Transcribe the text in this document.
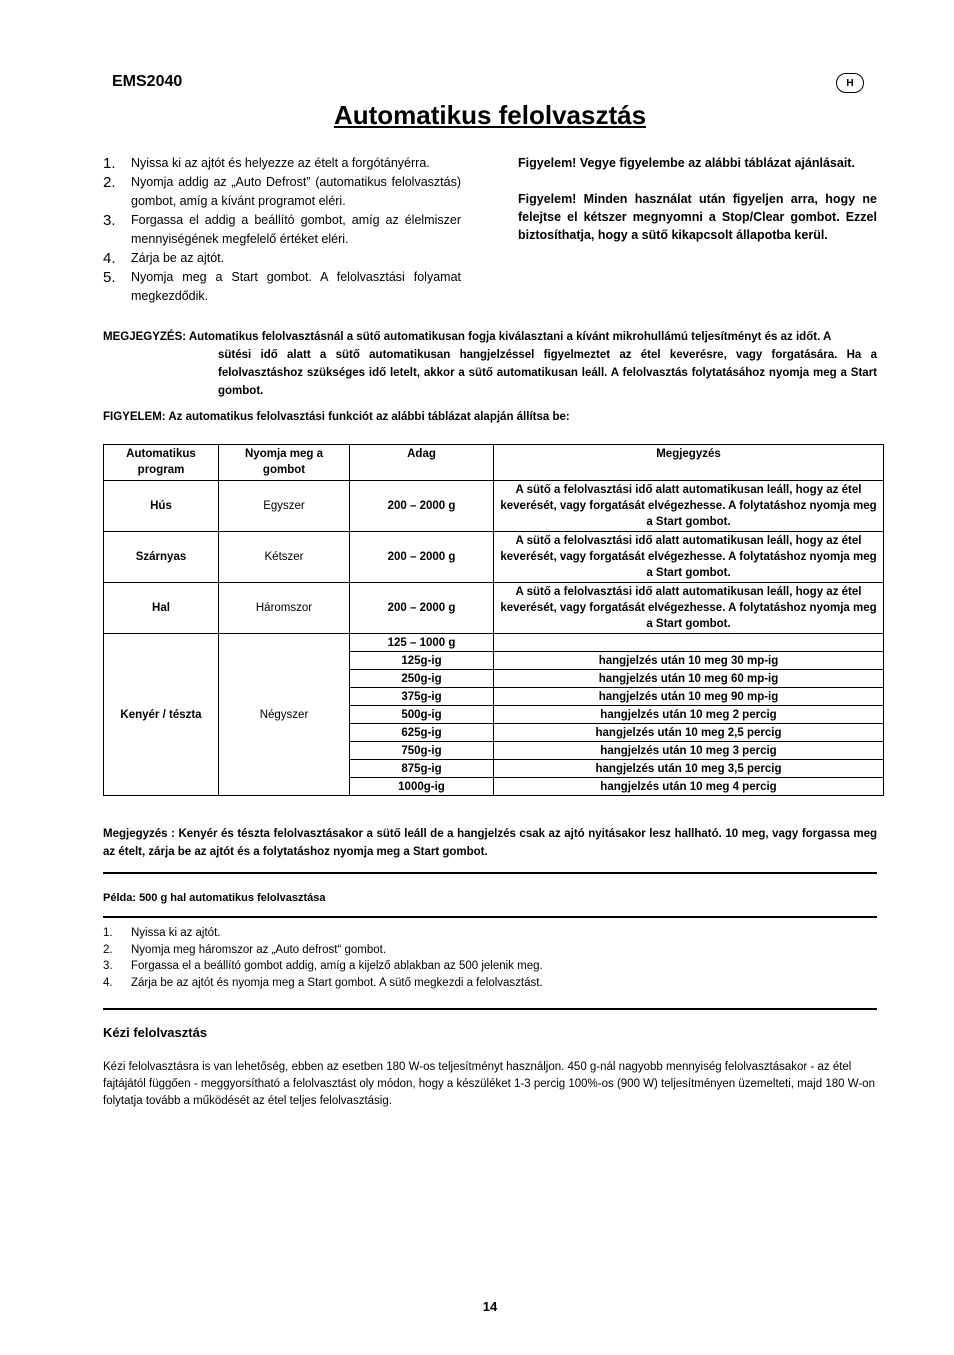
EMS2040	H
Automatikus felolvasztás
1.	Nyissa ki az ajtót és helyezze az ételt a forgótányérra.
2.	Nyomja addig az „Auto Defrost” (automatikus felolvasztás) gombot, amíg a kívánt programot eléri.
3.	Forgassa el addig a beállító gombot, amíg az élelmiszer mennyiségének megfelelő értéket eléri.
4.	Zárja be az ajtót.
5.	Nyomja meg a Start gombot. A felolvasztási folyamat megkezdődik.

Figyelem! Vegye figyelembe az alábbi táblázat ajánlásait.

Figyelem! Minden használat után figyeljen arra, hogy ne felejtse el kétszer megnyomni a Stop/Clear gombot. Ezzel biztosíthatja, hogy a sütő kikapcsolt állapotba kerül.

MEGJEGYZÉS: Automatikus felolvasztásnál a sütő automatikusan fogja kiválasztani a kívánt mikrohullámú teljesítményt és az időt. A
sütési idő alatt a sütő automatikusan hangjelzéssel figyelmeztet az étel keverésre, vagy forgatására. Ha a felolvasztáshoz szükséges idő letelt, akkor a sütő automatikusan leáll. A felolvasztás folytatásához nyomja meg a Start gombot.
FIGYELEM: Az automatikus felolvasztási funkciót az alábbi táblázat alapján állítsa be:
Automatikus program	Nyomja meg a gombot	Adag	Megjegyzés
Hús	Egyszer	200 – 2000 g	A sütő a felolvasztási idő alatt automatikusan leáll, hogy az étel keverését, vagy forgatását elvégezhesse. A folytatáshoz nyomja meg a Start gombot.
Szárnyas	Kétszer	200 – 2000 g	A sütő a felolvasztási idő alatt automatikusan leáll, hogy az étel keverését, vagy forgatását elvégezhesse. A folytatáshoz nyomja meg a Start gombot.
Hal	Háromszor	200 – 2000 g	A sütő a felolvasztási idő alatt automatikusan leáll, hogy az étel keverését, vagy forgatását elvégezhesse. A folytatáshoz nyomja meg a Start gombot.
Kenyér / tészta	Négyszer	125 – 1000 g	
		125g-ig	hangjelzés után 10 meg 30 mp-ig
		250g-ig	hangjelzés után 10 meg 60 mp-ig
		375g-ig	hangjelzés után 10 meg 90 mp-ig
		500g-ig	hangjelzés után 10 meg 2 percig
		625g-ig	hangjelzés után 10 meg 2,5 percig
		750g-ig	hangjelzés után 10 meg 3 percig
		875g-ig	hangjelzés után 10 meg 3,5 percig
		1000g-ig	hangjelzés után 10 meg 4 percig
Megjegyzés : Kenyér és tészta felolvasztásakor a sütő leáll de a hangjelzés csak az ajtó nyitásakor lesz hallható. 10 meg, vagy forgassa meg az ételt, zárja be az ajtót és a folytatáshoz nyomja meg a Start gombot.
Példa: 500 g hal automatikus felolvasztása
1.	Nyissa ki az ajtót.
2.	Nyomja meg háromszor az „Auto defrost“ gombot.
3.	Forgassa el a beállító gombot addig, amíg a kijelző ablakban az 500 jelenik meg.
4.	Zárja be az ajtót és nyomja meg a Start gombot. A sütő megkezdi a felolvasztást.
Kézi felolvasztás
Kézi felolvasztásra is van lehetőség, ebben az esetben 180 W-os teljesítményt használjon. 450 g-nál nagyobb mennyiség felolvasztásakor - az étel fajtájától függően - meggyorsítható a felolvasztást oly módon, hogy a készüléket 1-3 percig 100%-os (900 W) teljesítményen üzemelteti, majd 180 W-on folytatja tovább a működését az étel teljes felolvasztásig.
14
